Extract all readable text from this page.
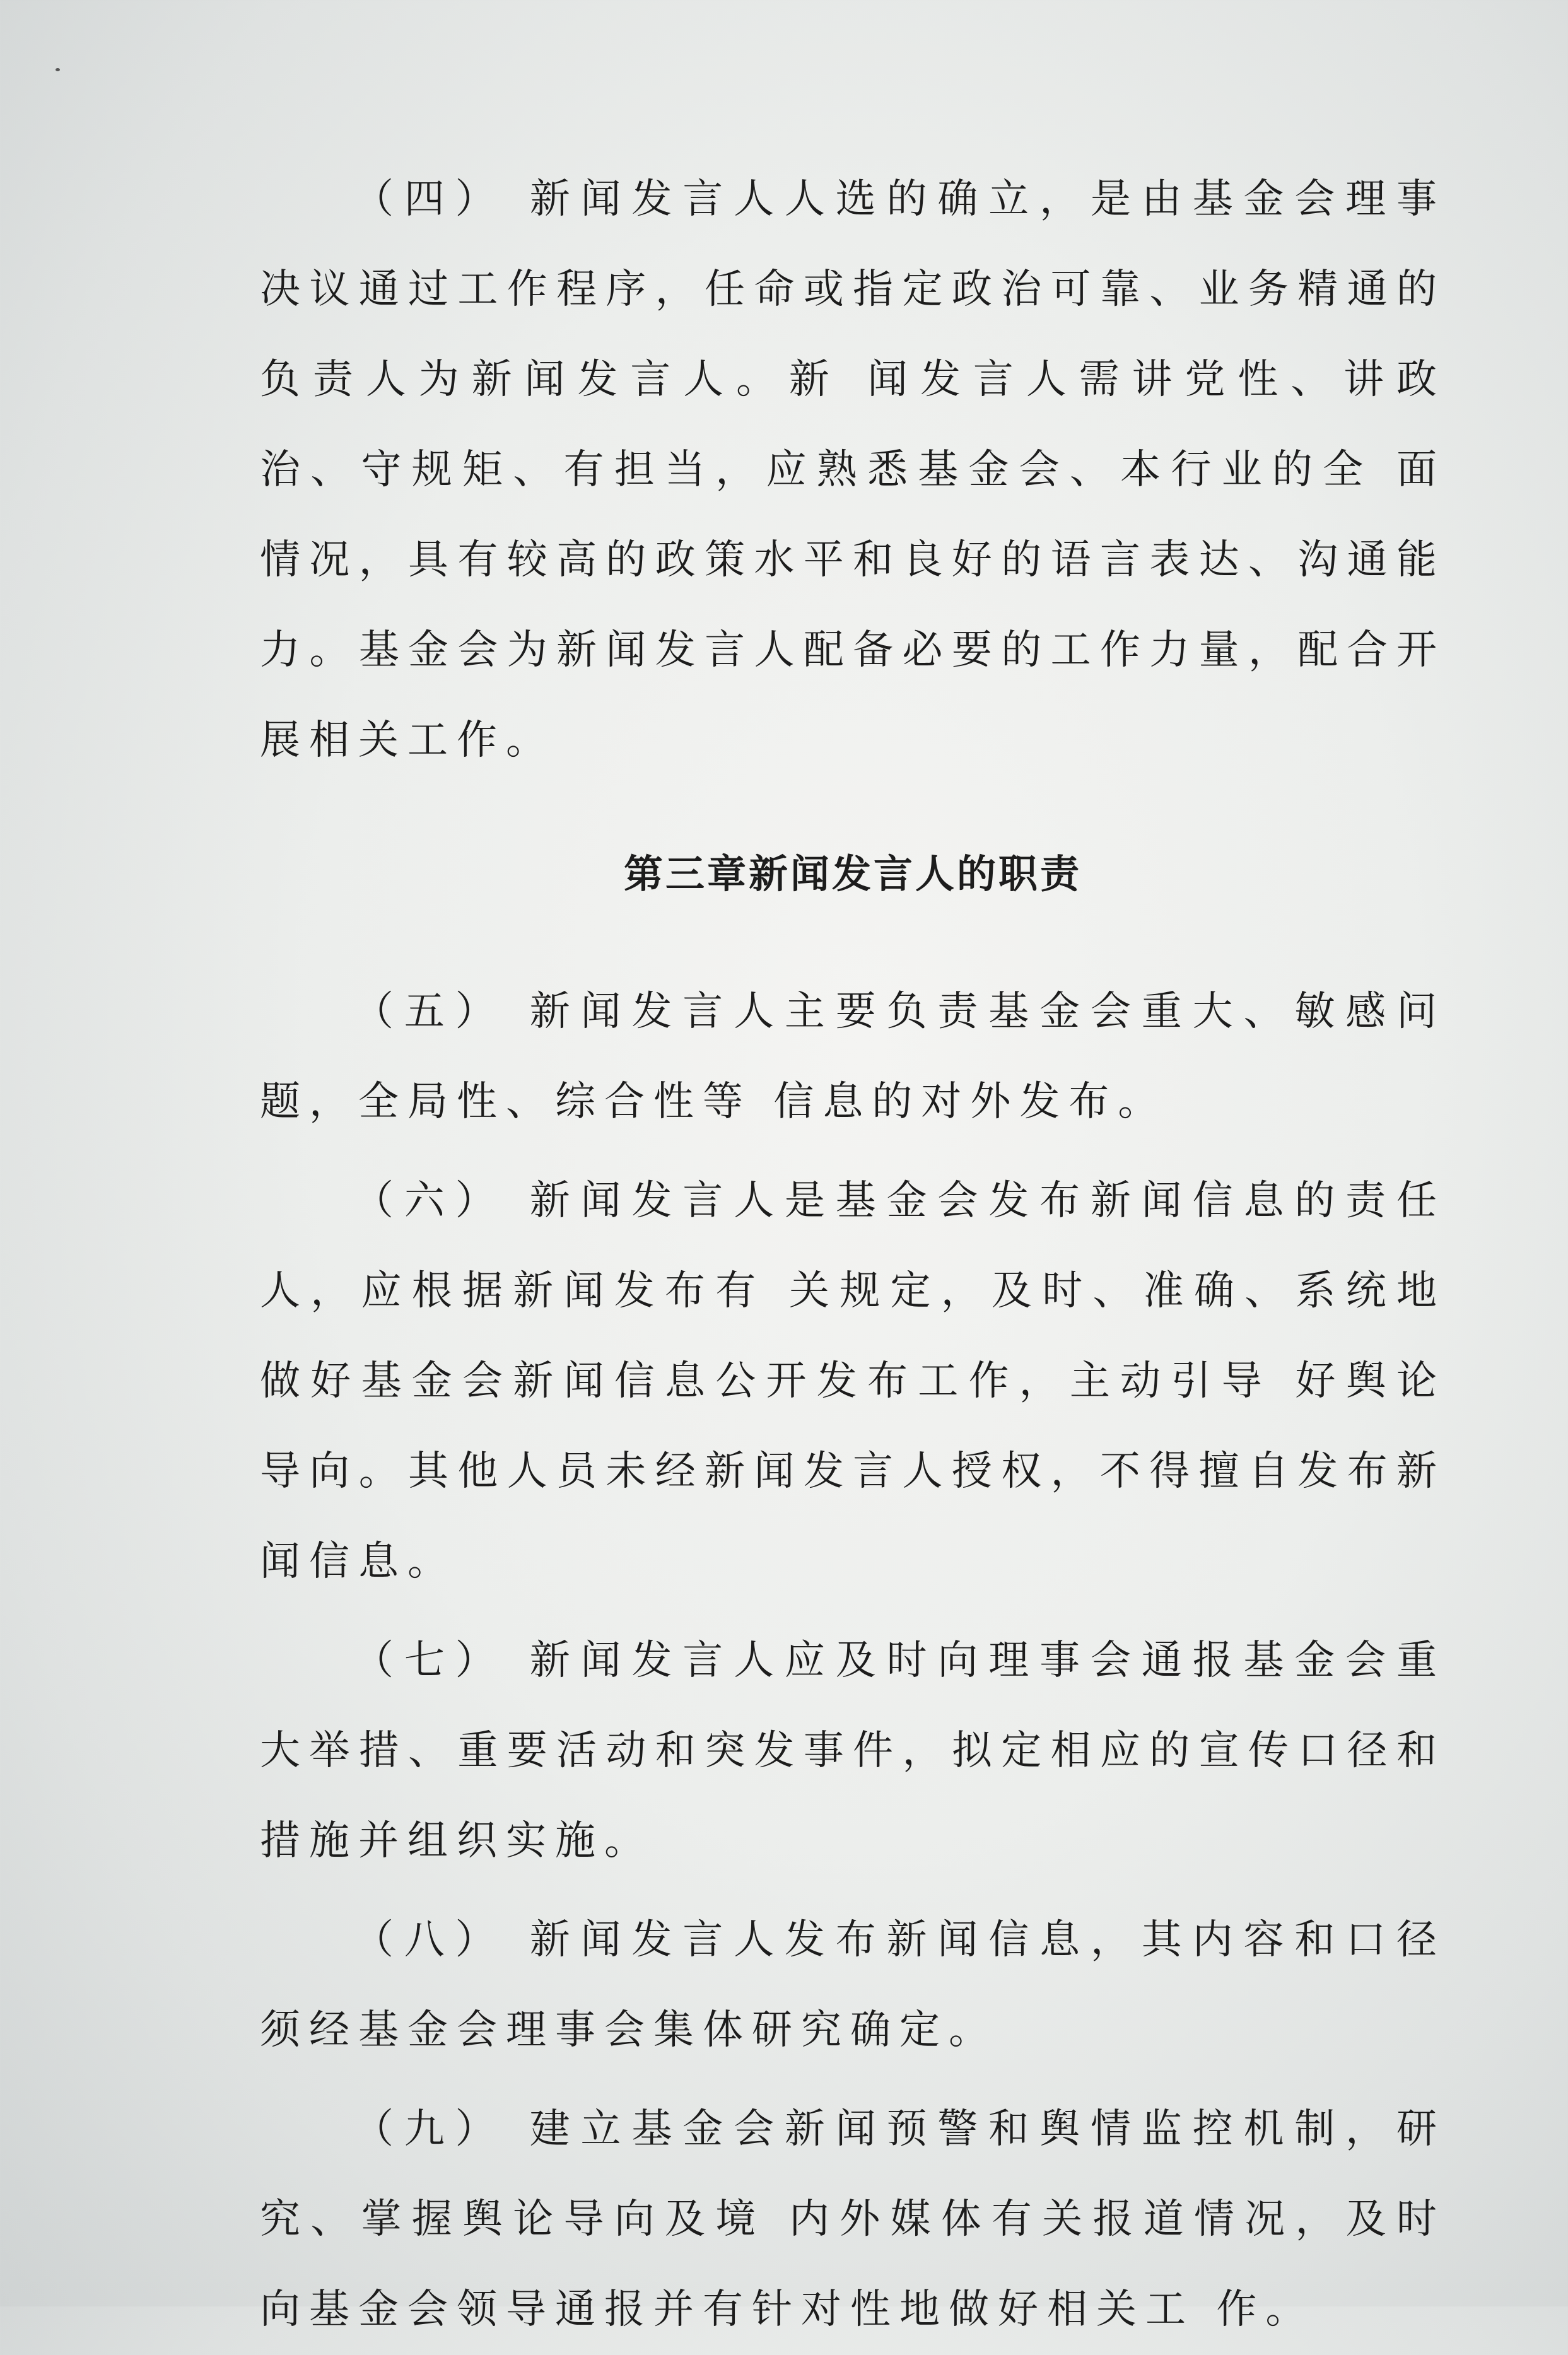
（四） 新闻发言人人选的确立，是由基金会理事决议通过工作程序，任命或指定政治可靠、业务精通的负责人为新闻发言人。新 闻发言人需讲党性、讲政治、守规矩、有担当，应熟悉基金会、本行业的全 面情况，具有较高的政策水平和良好的语言表达、沟通能力。基金会为新闻发言人配备必要的工作力量，配合开展相关工作。

第三章新闻发言人的职责

（五） 新闻发言人主要负责基金会重大、敏感问题，全局性、综合性等 信息的对外发布。

（六） 新闻发言人是基金会发布新闻信息的责任人，应根据新闻发布有 关规定，及时、准确、系统地做好基金会新闻信息公开发布工作，主动引导 好舆论导向。其他人员未经新闻发言人授权，不得擅自发布新闻信息。

（七） 新闻发言人应及时向理事会通报基金会重大举措、重要活动和突发事件，拟定相应的宣传口径和措施并组织实施。

（八） 新闻发言人发布新闻信息，其内容和口径须经基金会理事会集体研究确定。

（九） 建立基金会新闻预警和舆情监控机制，研究、掌握舆论导向及境 内外媒体有关报道情况，及时向基金会领导通报并有针对性地做好相关工 作。
